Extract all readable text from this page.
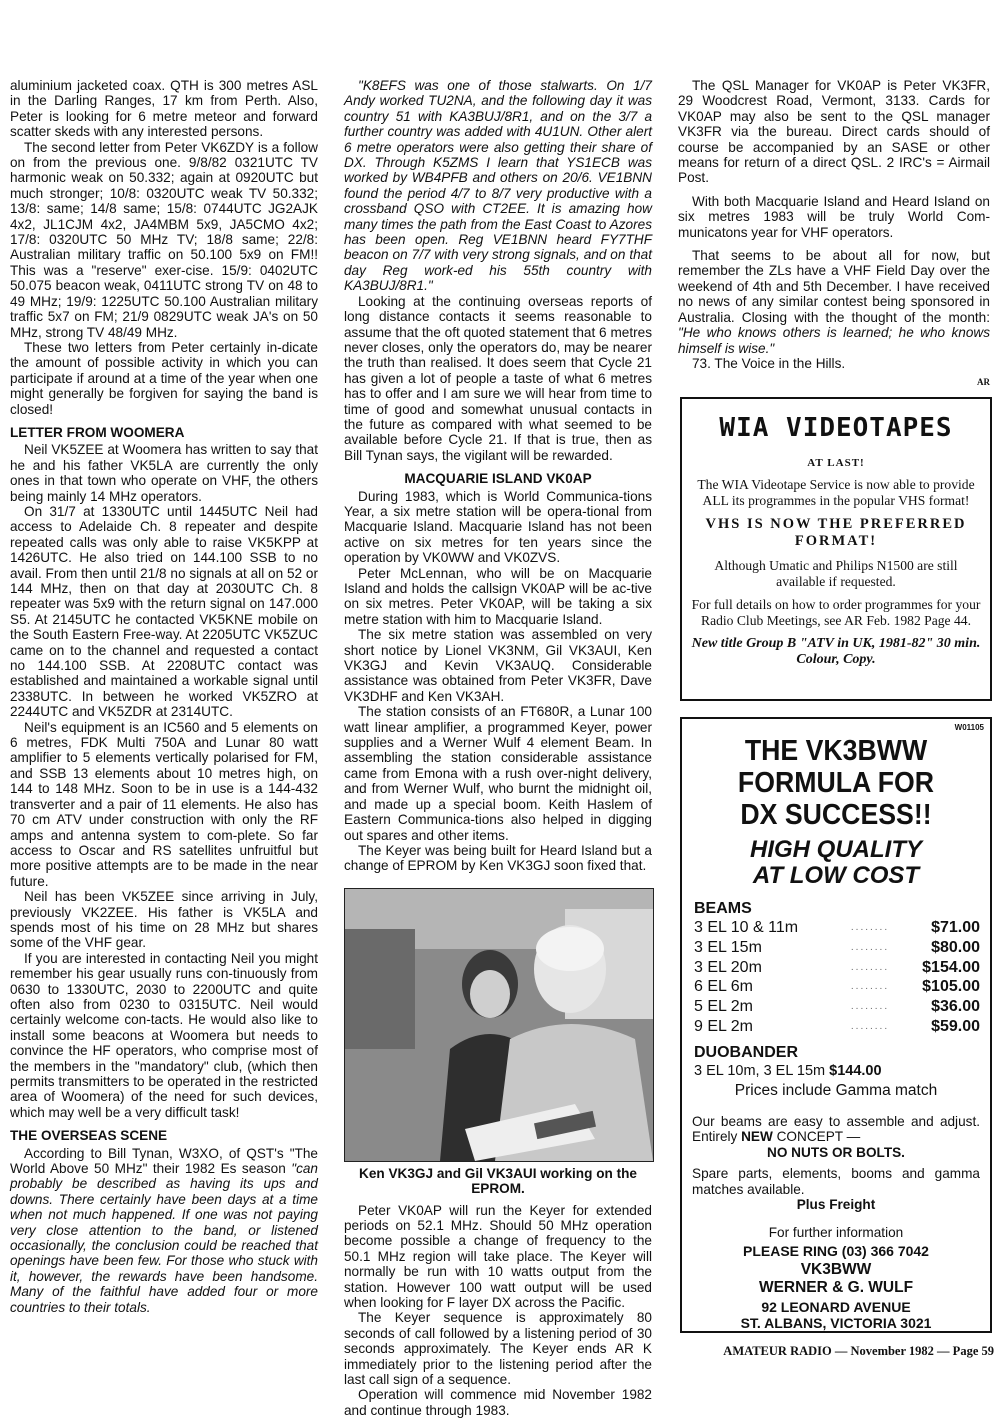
aluminium jacketed coax. QTH is 300 metres ASL in the Darling Ranges, 17 km from Perth. Also, Peter is looking for 6 metre meteor and forward scatter skeds with any interested persons.

The second letter from Peter VK6ZDY is a follow on from the previous one. 9/8/82 0321UTC TV harmonic weak on 50.332; again at 0920UTC but much stronger; 10/8: 0320UTC weak TV 50.332; 13/8: same; 14/8 same; 15/8: 0744UTC JG2AJK 4x2, JL1CJM 4x2, JA4MBM 5x9, JA5CMO 4x2; 17/8: 0320UTC 50 MHz TV; 18/8 same; 22/8: Australian military traffic on 50.100 5x9 on FM!! This was a "reserve" exer-cise. 15/9: 0402UTC 50.075 beacon weak, 0411UTC strong TV on 48 to 49 MHz; 19/9: 1225UTC 50.100 Australian military traffic 5x7 on FM; 21/9 0829UTC weak JA's on 50 MHz, strong TV 48/49 MHz.

These two letters from Peter certainly in-dicate the amount of possible activity in which you can participate if around at a time of the year when one might generally be forgiven for saying the band is closed!

LETTER FROM WOOMERA

Neil VK5ZEE at Woomera has written to say that he and his father VK5LA are currently the only ones in that town who operate on VHF, the others being mainly 14 MHz operators.

On 31/7 at 1330UTC until 1445UTC Neil had access to Adelaide Ch. 8 repeater and despite repeated calls was only able to raise VK5KPP at 1426UTC. He also tried on 144.100 SSB to no avail. From then until 21/8 no signals at all on 52 or 144 MHz, then on that day at 2030UTC Ch. 8 repeater was 5x9 with the return signal on 147.000 S5. At 2145UTC he contacted VK5KNE mobile on the South Eastern Free-way. At 2205UTC VK5ZUC came on to the channel and requested a contact no 144.100 SSB. At 2208UTC contact was established and maintained a workable signal until 2338UTC. In between he worked VK5ZRO at 2244UTC and VK5ZDR at 2314UTC.

Neil's equipment is an IC560 and 5 elements on 6 metres, FDK Multi 750A and Lunar 80 watt amplifier to 5 elements vertically polarised for FM, and SSB 13 elements about 10 metres high, on 144 to 148 MHz. Soon to be in use is a 144-432 transverter and a pair of 11 elements. He also has 70 cm ATV under construction with only the RF amps and antenna system to com-plete. So far access to Oscar and RS satellites unfruitful but more positive attempts are to be made in the near future.

Neil has been VK5ZEE since arriving in July, previously VK2ZEE. His father is VK5LA and spends most of his time on 28 MHz but shares some of the VHF gear.

If you are interested in contacting Neil you might remember his gear usually runs con-tinuously from 0630 to 1330UTC, 2030 to 2200UTC and quite often also from 0230 to 0315UTC. Neil would certainly welcome con-tacts. He would also like to install some beacons at Woomera but needs to convince the HF operators, who comprise most of the members in the "mandatory" club, (which then permits transmitters to be operated in the restricted area of Woomera) of the need for such devices, which may well be a very difficult task!

THE OVERSEAS SCENE

According to Bill Tynan, W3XO, of QST's "The World Above 50 MHz" their 1982 Es season "can probably be described as having its ups and downs. There certainly have been days at a time when not much happened. If one was not paying very close attention to the band, or listened occasionally, the conclusion could be reached that openings have been few. For those who stuck with it, however, the rewards have been handsome. Many of the faithful have added four or more countries to their totals.

"K8EFS was one of those stalwarts. On 1/7 Andy worked TU2NA, and the following day it was country 51 with KA3BUJ/8R1, and on the 3/7 a further country was added with 4U1UN. Other alert 6 metre operators were also getting their share of DX. Through K5ZMS I learn that YS1ECB was worked by WB4PFB and others on 20/6. VE1BNN found the period 4/7 to 8/7 very productive with a crossband QSO with CT2EE. It is amazing how many times the path from the East Coast to Azores has been open. Reg VE1BNN heard FY7THF beacon on 7/7 with very strong signals, and on that day Reg work-ed his 55th country with KA3BUJ/8R1."

Looking at the continuing overseas reports of long distance contacts it seems reasonable to assume that the oft quoted statement that 6 metres never closes, only the operators do, may be nearer the truth than realised. It does seem that Cycle 21 has given a lot of people a taste of what 6 metres has to offer and I am sure we will hear from time to time of good and somewhat unusual contacts in the future as compared with what seemed to be available before Cycle 21. If that is true, then as Bill Tynan says, the vigilant will be rewarded.

MACQUARIE ISLAND VK0AP

During 1983, which is World Communica-tions Year, a six metre station will be opera-tional from Macquarie Island. Macquarie Island has not been active on six metres for ten years since the operation by VK0WW and VK0ZVS.

Peter McLennan, who will be on Macquarie Island and holds the callsign VK0AP will be ac-tive on six metres. Peter VK0AP, will be taking a six metre station with him to Macquarie Island.

The six metre station was assembled on very short notice by Lionel VK3NM, Gil VK3AUI, Ken VK3GJ and Kevin VK3AUQ. Considerable assistance was obtained from Peter VK3FR, Dave VK3DHF and Ken VK3AH.

The station consists of an FT680R, a Lunar 100 watt linear amplifier, a programmed Keyer, power supplies and a Werner Wulf 4 element Beam. In assembling the station considerable assistance came from Emona with a rush over-night delivery, and from Werner Wulf, who burnt the midnight oil, and made up a special boom. Keith Haslem of Eastern Communica-tions also helped in digging out spares and other items.

The Keyer was being built for Heard Island but a change of EPROM by Ken VK3GJ soon fixed that.

Ken VK3GJ and Gil VK3AUI working on the EPROM.

Peter VK0AP will run the Keyer for extended periods on 52.1 MHz. Should 50 MHz operation become possible a change of frequency to the 50.1 MHz region will take place. The Keyer will normally be run with 10 watts output from the station. However 100 watt output will be used when looking for F layer DX across the Pacific.

The Keyer sequence is approximately 80 seconds of call followed by a listening period of 30 seconds approximately. The Keyer ends AR K immediately prior to the listening period after the last call sign of a sequence.

Operation will commence mid November 1982 and continue through 1983.

The QSL Manager for VK0AP is Peter VK3FR, 29 Woodcrest Road, Vermont, 3133. Cards for VK0AP may also be sent to the QSL manager VK3FR via the bureau. Direct cards should of course be accompanied by an SASE or other means for return of a direct QSL. 2 IRC's = Airmail Post.

With both Macquarie Island and Heard Island on six metres 1983 will be truly World Com-municatons year for VHF operators.

That seems to be about all for now, but remember the ZLs have a VHF Field Day over the weekend of 4th and 5th December. I have received no news of any similar contest being sponsored in Australia. Closing with the thought of the month: "He who knows others is learned; he who knows himself is wise."

73. The Voice in the Hills.

AR
WIA VIDEOTAPES
AT LAST!
The WIA Videotape Service is now able to provide ALL its programmes in the popular VHS format!
VHS IS NOW THE PREFERRED FORMAT!
Although Umatic and Philips N1500 are still available if requested.
For full details on how to order programmes for your Radio Club Meetings, see AR Feb. 1982 Page 44.
New title Group B "ATV in UK, 1981-82" 30 min. Colour, Copy.
W01105
THE VK3BWW
FORMULA FOR
DX SUCCESS!!
HIGH QUALITY
AT LOW COST
BEAMS
3 EL 10 & 11m	........	$71.00
3 EL 15m	........	$80.00
3 EL 20m	........	$154.00
6 EL 6m	........	$105.00
5 EL 2m	........	$36.00
9 EL 2m	........	$59.00
DUOBANDER
3 EL 10m, 3 EL 15m $144.00
Prices include Gamma match
Our beams are easy to assemble and adjust. Entirely NEW CONCEPT —
NO NUTS OR BOLTS.
Spare parts, elements, booms and gamma matches available.
Plus Freight
For further information
PLEASE RING (03) 366 7042
VK3BWW
WERNER & G. WULF
92 LEONARD AVENUE
ST. ALBANS, VICTORIA 3021
AMATEUR RADIO — November 1982 — Page 59
